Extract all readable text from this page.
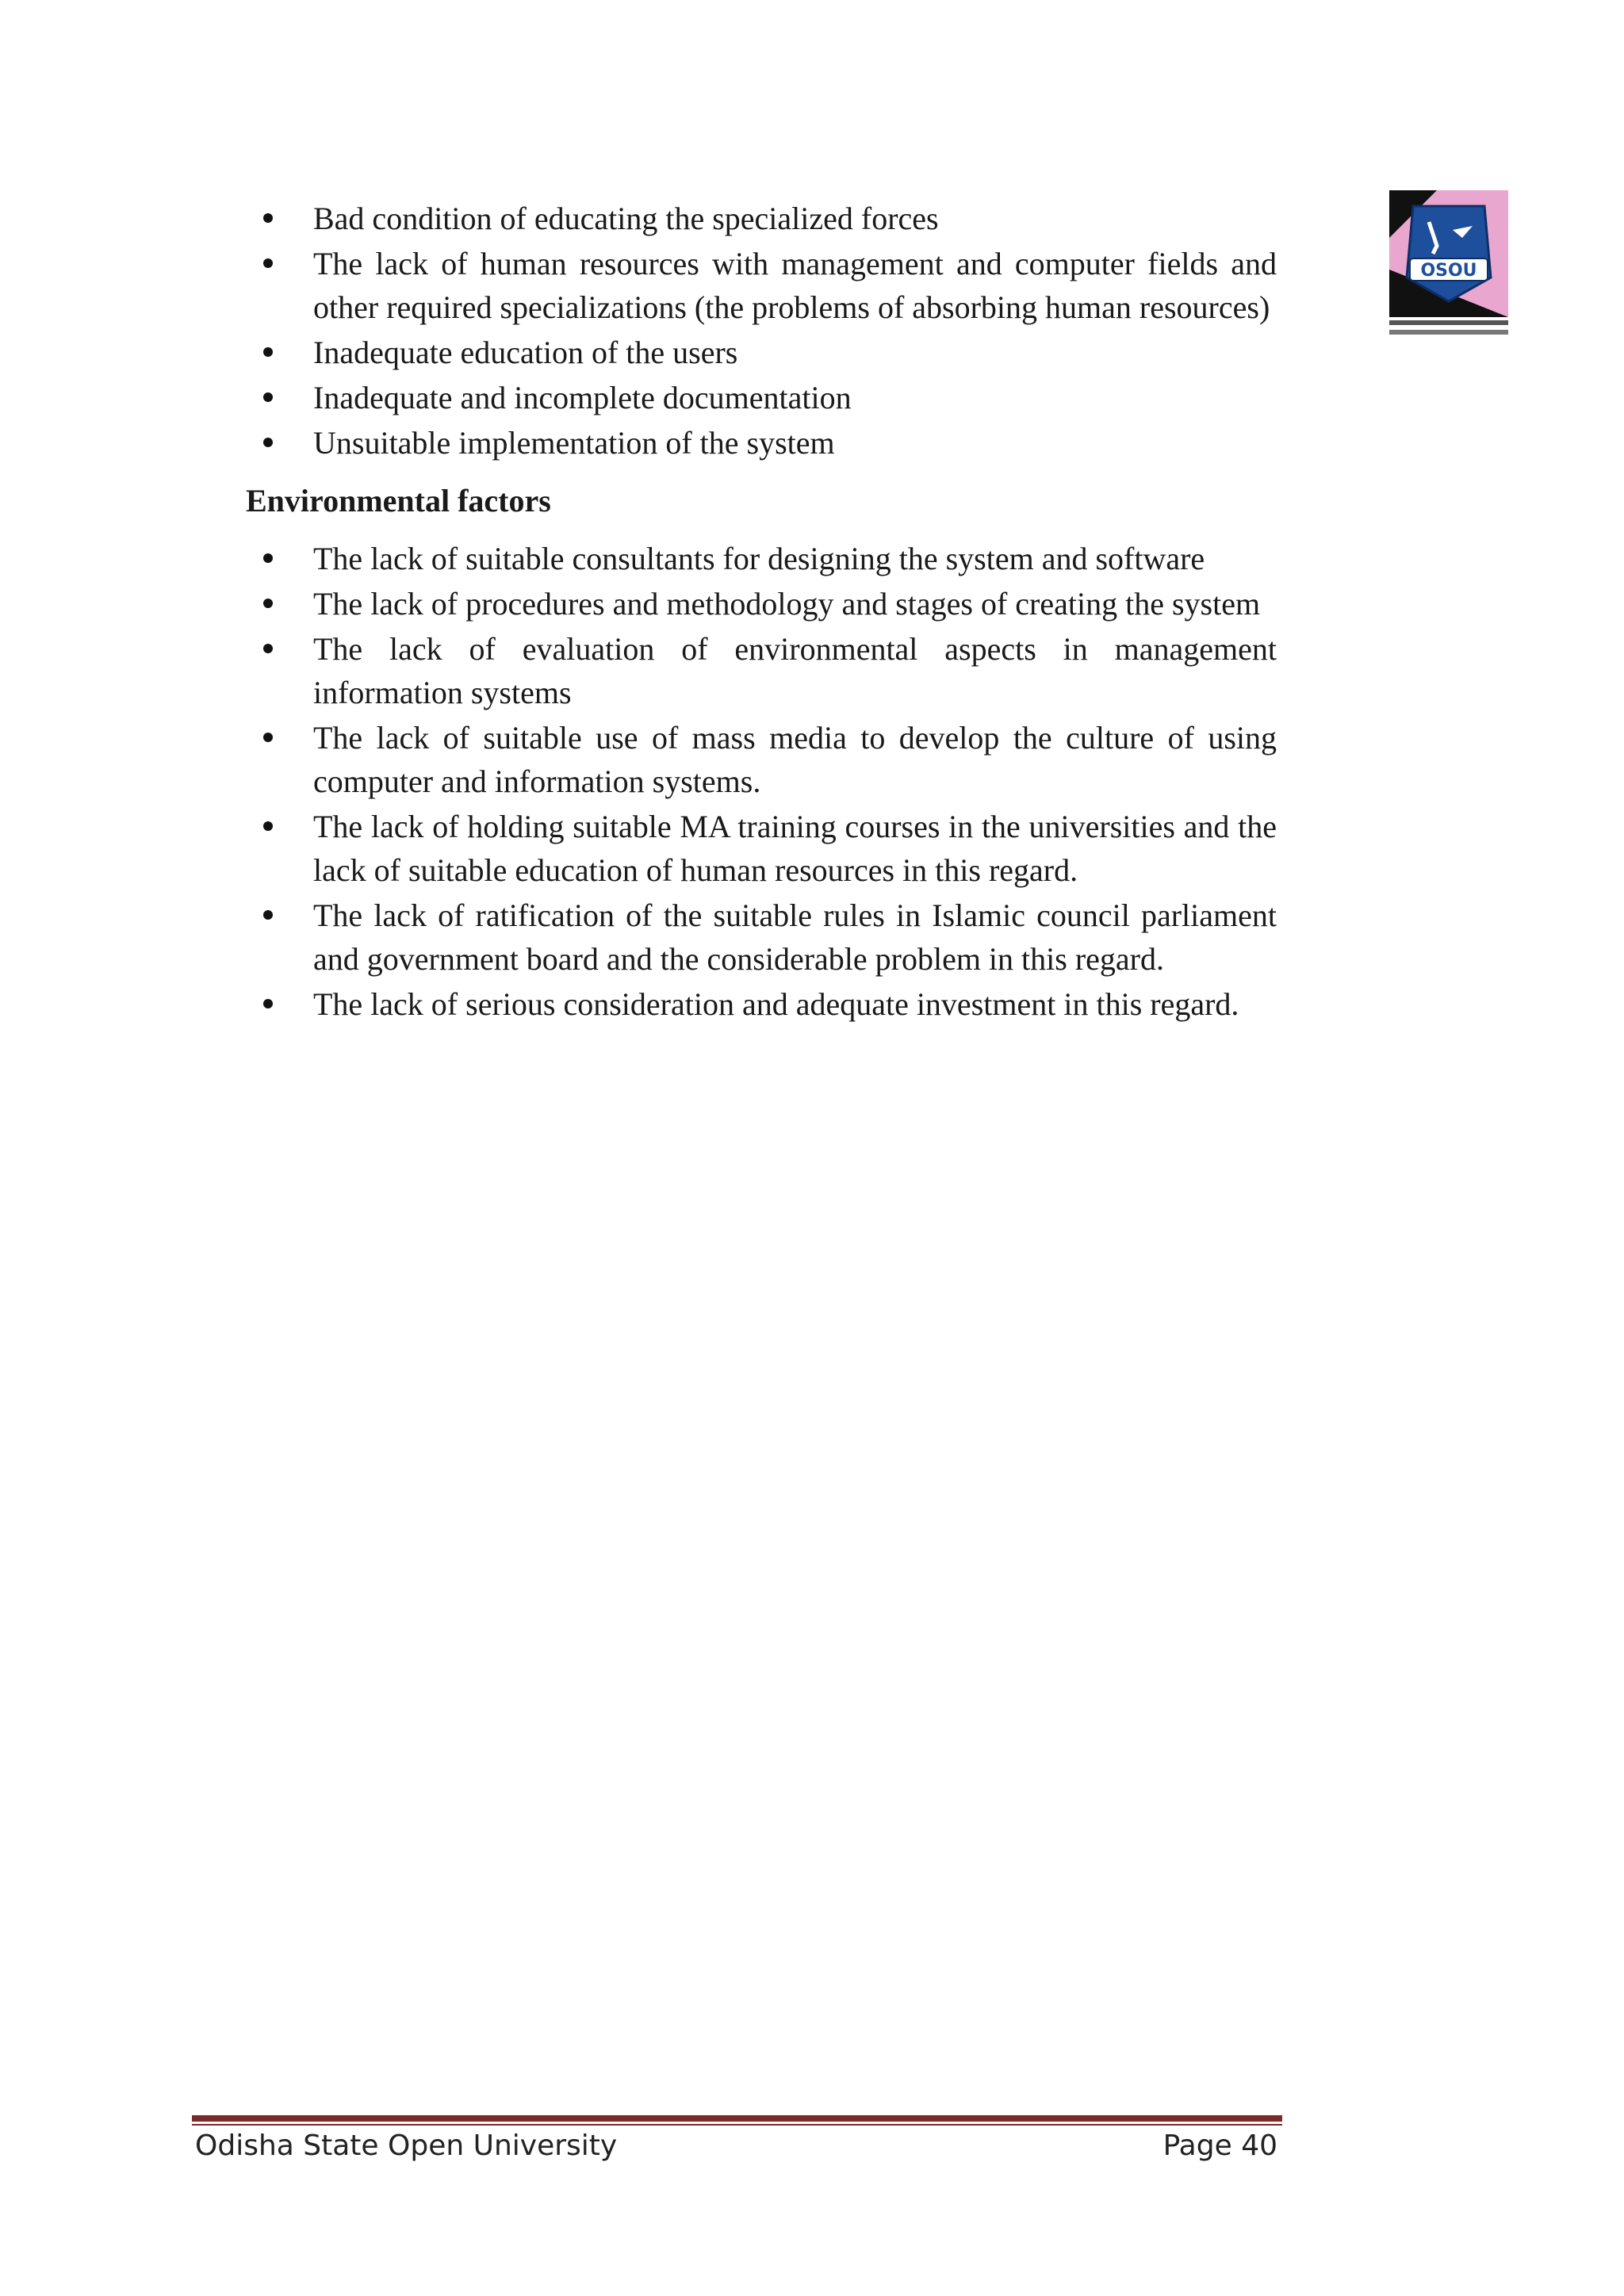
OSOU
Bad condition of educating the specialized forces
The lack of human resources with management and computer fields and other required specializations (the problems of absorbing human resources)
Inadequate education of the users
Inadequate and incomplete documentation
Unsuitable implementation of the system
Environmental factors
The lack of suitable consultants for designing the system and software
The lack of procedures and methodology and stages of creating the system
The lack of evaluation of environmental aspects in management information systems
The lack of suitable use of mass media to develop the culture of using computer and information systems.
The lack of holding suitable MA training courses in the universities and the lack of suitable education of human resources in this regard.
The lack of ratification of the suitable rules in Islamic council parliament and government board and the considerable problem in this regard.
The lack of serious consideration and adequate investment in this regard.
Odisha State Open University	Page 40
